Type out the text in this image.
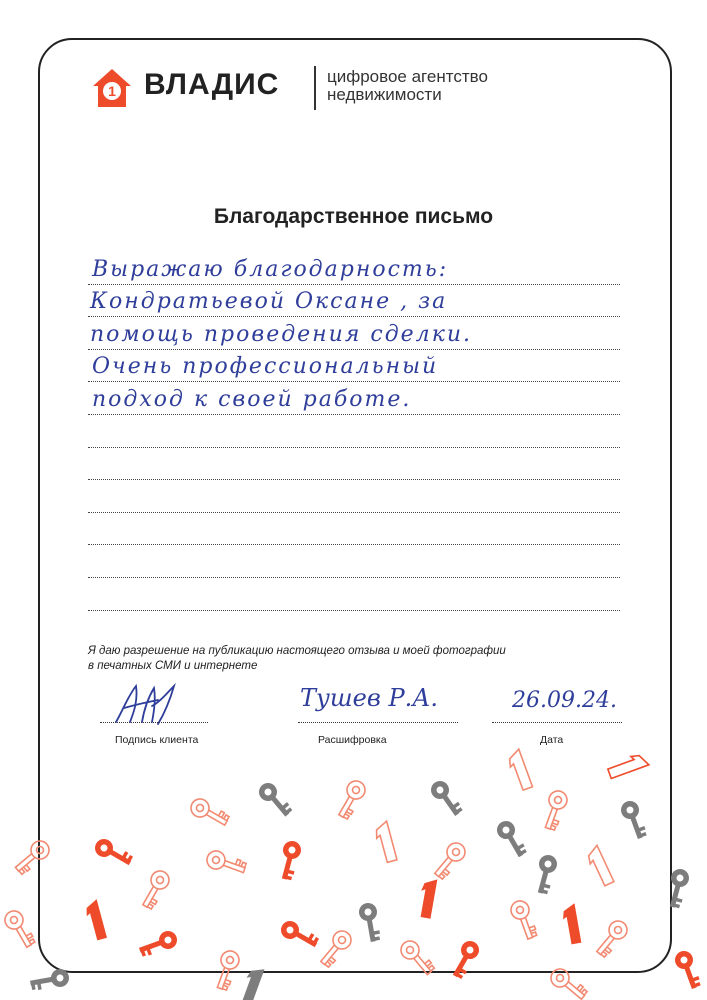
1 ВЛАДИС	цифровое агентство
недвижимости
Благодарственное письмо
Выражаю благодарность:
Кондратьевой Оксане , за
помощь проведения сделки.
Очень профессиональный
подход к своей работе.
Я даю разрешение на публикацию настоящего отзыва и моей фотографии
в печатных СМИ и интернете
Подпись клиента
Тушев Р.А.
Расшифровка
26.09.24.
Дата
